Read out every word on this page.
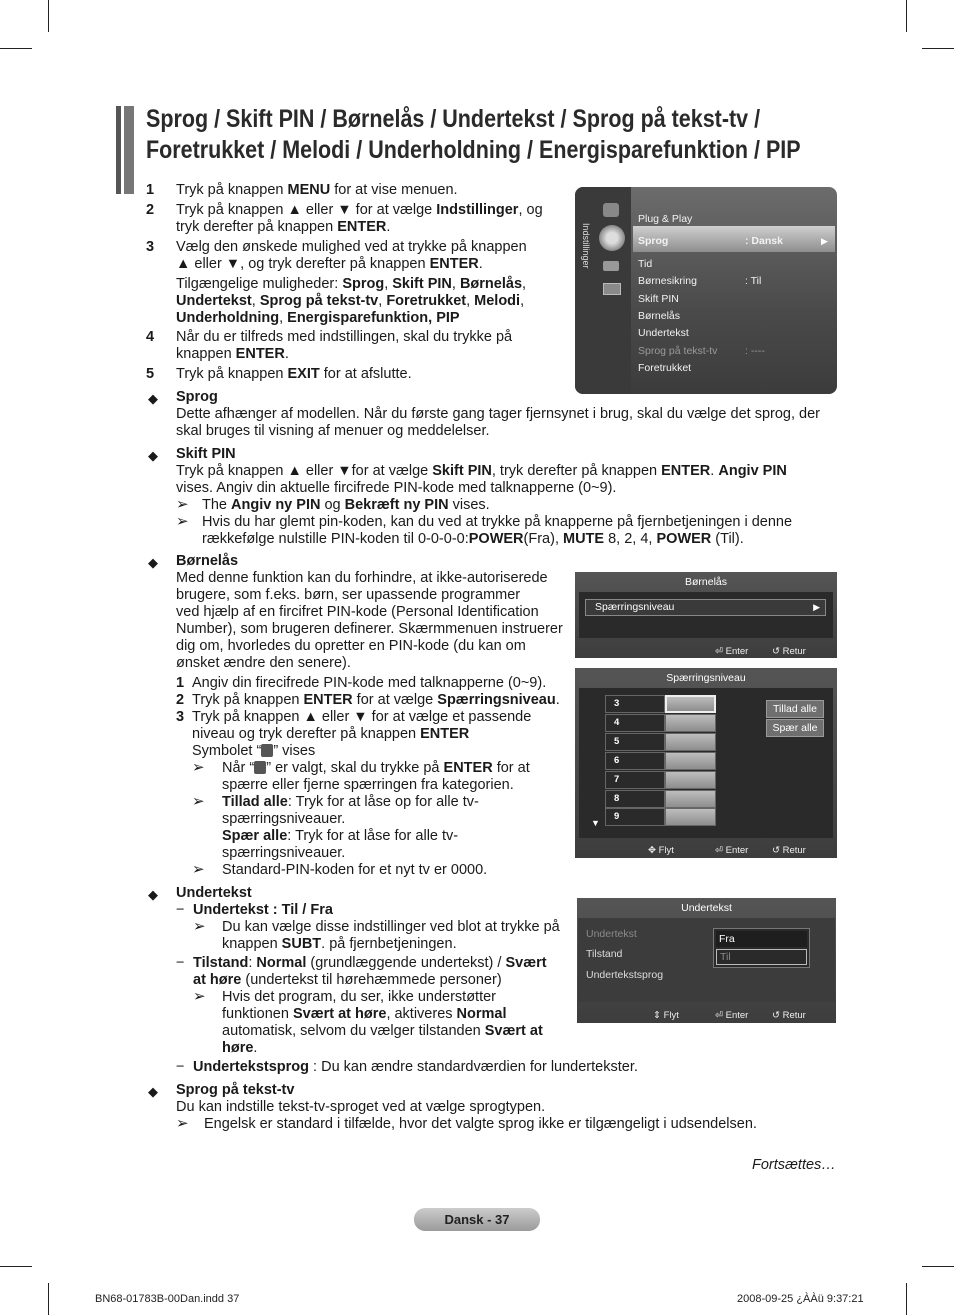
Sprog / Skift PIN / Børnelås / Undertekst / Sprog på tekst-tv /
Foretrukket / Melodi / Underholdning / Energisparefunktion / PIP
1 Tryk på knappen MENU for at vise menuen.
2 Tryk på knappen ▲ eller ▼ for at vælge Indstillinger, og
tryk derefter på knappen ENTER.
3 Vælg den ønskede mulighed ved at trykke på knappen
▲ eller ▼, og tryk derefter på knappen ENTER.
Tilgængelige muligheder: Sprog, Skift PIN, Børnelås,
Undertekst, Sprog på tekst-tv, Foretrukket, Melodi,
Underholdning, Energisparefunktion, PIP
4 Når du er tilfreds med indstillingen, skal du trykke på
knappen ENTER.
5 Tryk på knappen EXIT for at afslutte.
Indstillinger
Plug & Play
Sprog	: Dansk	▶
Tid
Børnesikring	: Til
Skift PIN
Børnelås
Undertekst
Sprog på tekst-tv	: ----
Foretrukket
◆ Sprog
Dette afhænger af modellen. Når du første gang tager fjernsynet i brug, skal du vælge det sprog, der
skal bruges til visning af menuer og meddelelser.
◆ Skift PIN
Tryk på knappen ▲ eller ▼for at vælge Skift PIN, tryk derefter på knappen ENTER. Angiv PIN
vises. Angiv din aktuelle fircifrede PIN-kode med talknapperne (0~9).
➢ The Angiv ny PIN og Bekræft ny PIN vises.
➢ Hvis du har glemt pin-koden, kan du ved at trykke på knapperne på fjernbetjeningen i denne
rækkefølge nulstille PIN-koden til 0-0-0-0:POWER(Fra), MUTE 8, 2, 4, POWER (Til).
◆ Børnelås
Med denne funktion kan du forhindre, at ikke-autoriserede
brugere, som f.eks. børn, ser upassende programmer
ved hjælp af en fircifret PIN-kode (Personal Identification
Number), som brugeren definerer. Skærmmenuen instruerer
dig om, hvorledes du opretter en PIN-kode (du kan om
ønsket ændre den senere).
1 Angiv din firecifrede PIN-kode med talknapperne (0~9).
2 Tryk på knappen ENTER for at vælge Spærringsniveau.
3 Tryk på knappen ▲ eller ▼ for at vælge et passende
niveau og tryk derefter på knappen ENTER
Symbolet “ ” vises
➢ Når “ ” er valgt, skal du trykke på ENTER for at
spærre eller fjerne spærringen fra kategorien.
➢ Tillad alle: Tryk for at låse op for alle tv-
spærringsniveauer.
Spær alle: Tryk for at låse for alle tv-
spærringsniveauer.
➢ Standard-PIN-koden for et nyt tv er 0000.
Børnelås
Spærringsniveau	▶
⏎ Enter ↺ Retur
Spærringsniveau
▼
Tillad alle
Spær alle
✥ Flyt	⏎ Enter ↺ Retur
3
4
5
6
7
8
9
◆ Undertekst
− Undertekst : Til / Fra
➢ Du kan vælge disse indstillinger ved blot at trykke på
knappen SUBT. på fjernbetjeningen.
− Tilstand: Normal (grundlæggende undertekst) / Svært
at høre (undertekst til hørehæmmede personer)
➢ Hvis det program, du ser, ikke understøtter
funktionen Svært at høre, aktiveres Normal
automatisk, selvom du vælger tilstanden Svært at
høre.
− Undertekstsprog : Du kan ændre standardværdien for lundertekster.
Undertekst
Undertekst
Tilstand
Undertekstsprog
Fra
Til
⇕ Flyt	⏎ Enter ↺ Retur
◆ Sprog på tekst-tv
Du kan indstille tekst-tv-sproget ved at vælge sprogtypen.
➢ Engelsk er standard i tilfælde, hvor det valgte sprog ikke er tilgængeligt i udsendelsen.
Fortsættes…
Dansk - 37
BN68-01783B-00Dan.indd 37	2008-09-25 ¿ÀÀü 9:37:21
